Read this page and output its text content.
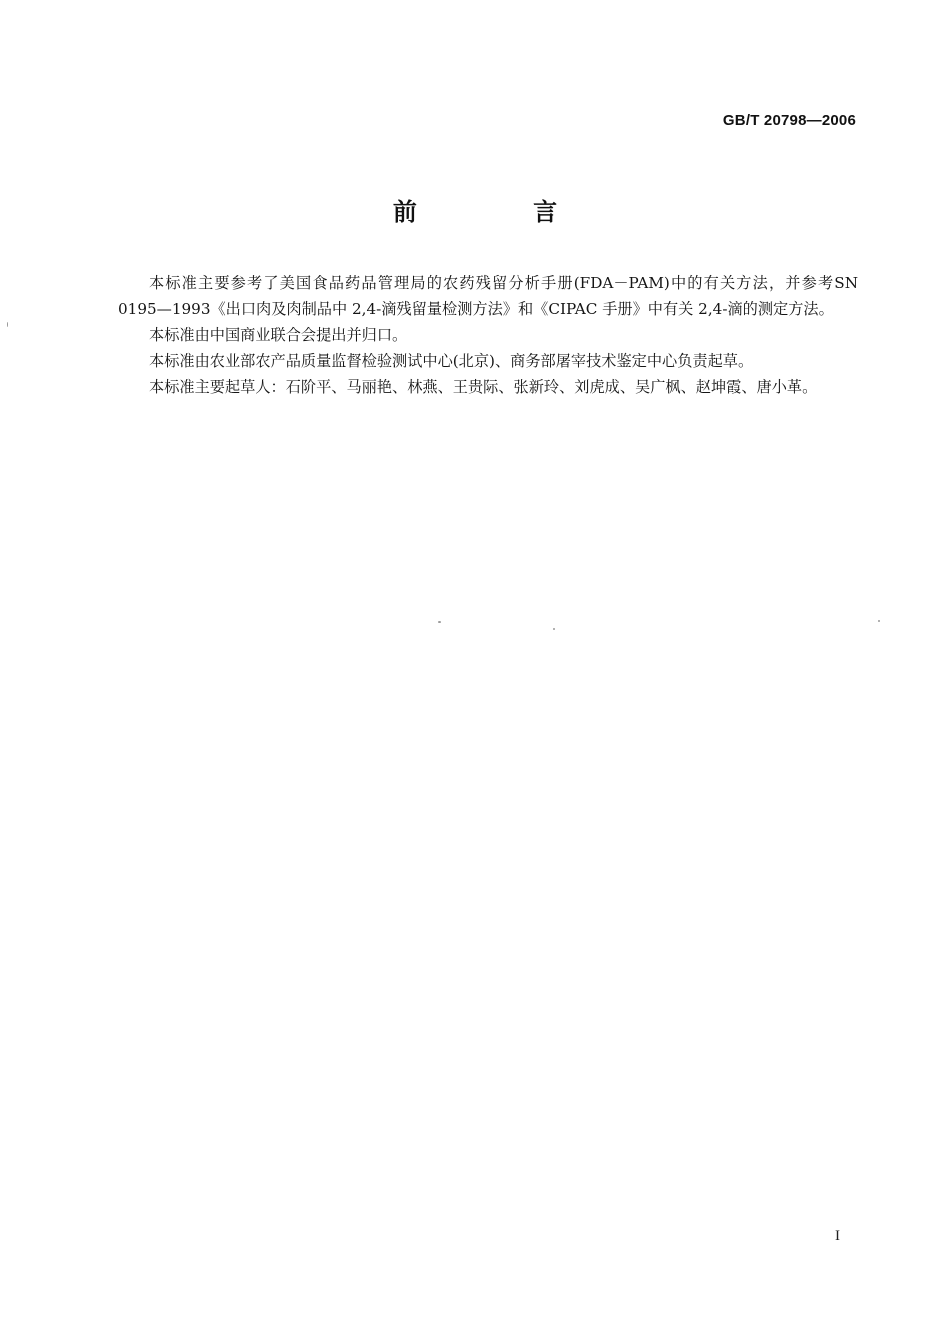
GB/T 20798—2006
前 言

本标准主要参考了美国食品药品管理局的农药残留分析手册(FDA－PAM)中的有关方法，并参考SN 0195—1993《出口肉及肉制品中 2,4-滴残留量检测方法》和《CIPAC 手册》中有关 2,4-滴的测定方法。

本标准由中国商业联合会提出并归口。

本标准由农业部农产品质量监督检验测试中心(北京)、商务部屠宰技术鉴定中心负责起草。

本标准主要起草人：石阶平、马丽艳、林燕、王贵际、张新玲、刘虎成、吴广枫、赵坤霞、唐小革。

I
